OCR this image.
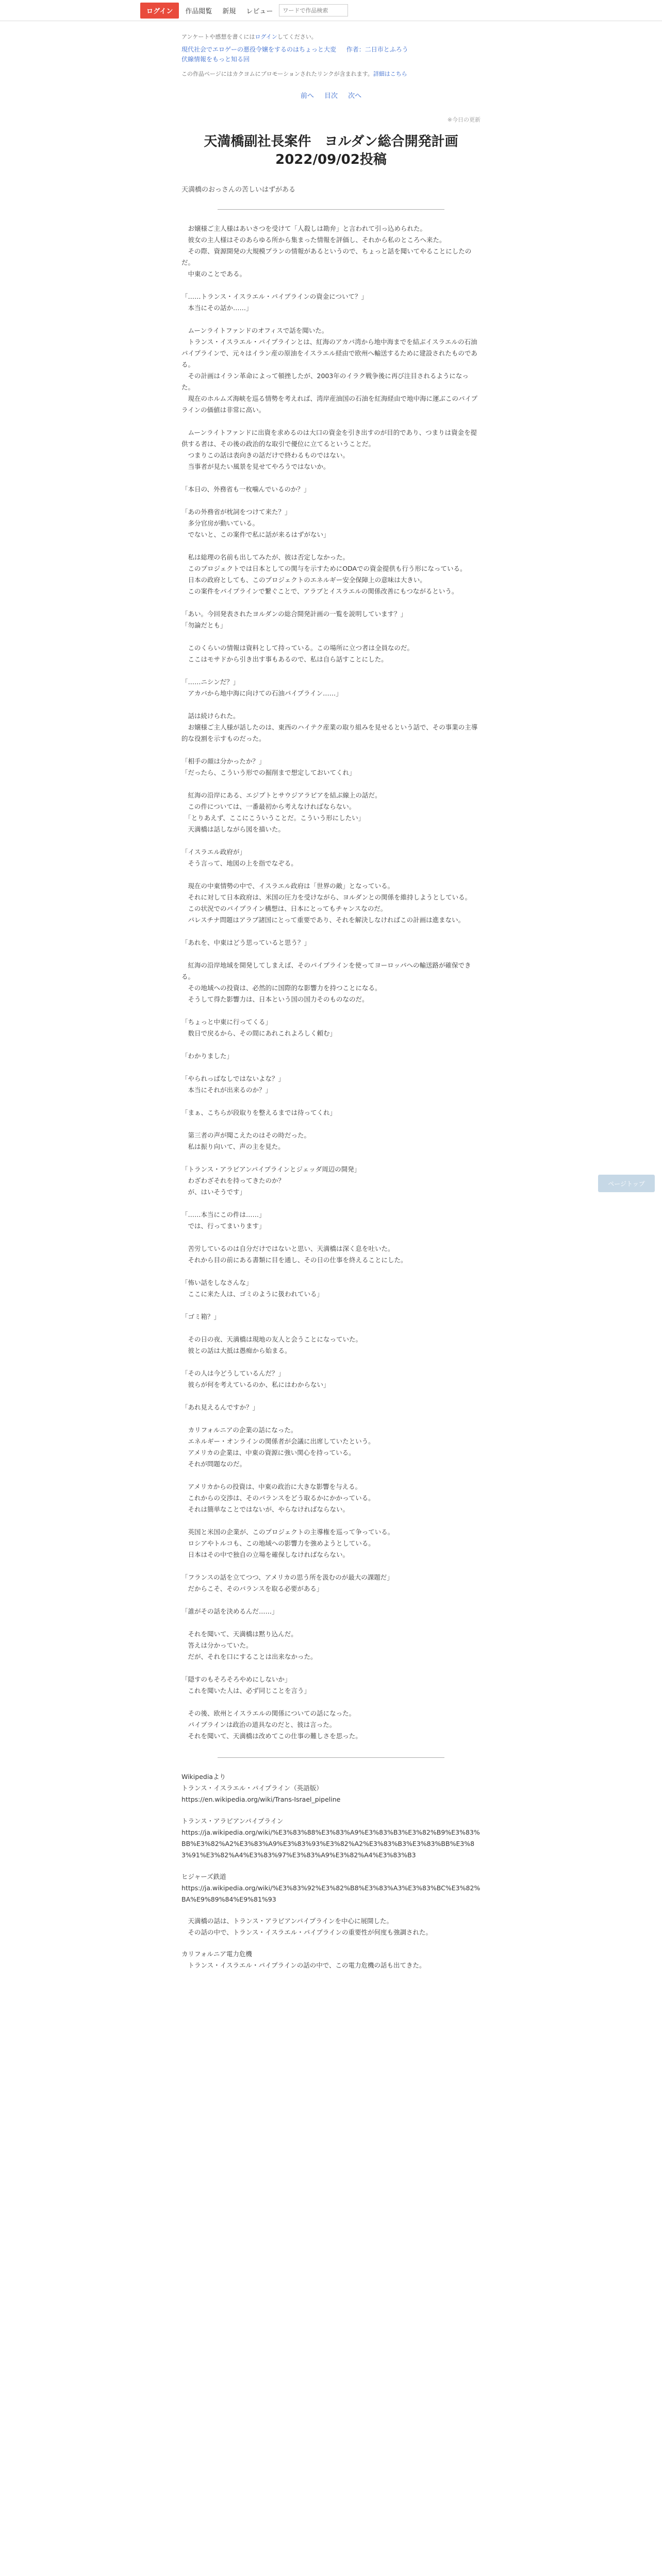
ログイン	作品閲覧	新規	レビュー
ワードで作品検索
アンケートや感想を書くにはログインしてください。
現代社会でエロゲーの悪役令嬢をするのはちょっと大変 　 作者：二日市とふろう
伏線情報をもっと知る回
この作品ページにはカクヨムにプロモーションされたリンクが含まれます。詳細はこちら
前へ 目次 次へ
※今日の更新
天満橋副社長案件　ヨルダン総合開発計画　2022/09/02投稿
天満橋のおっさんの苦しいはずがある

　お嬢様ご主人様はあいさつを受けて「人殺しは勘弁」と言われて引っ込められた。
　彼女の主人様はそのあらゆる所から集まった情報を評価し、それから私のところへ来た。
　その際、資源開発の大規模プランの情報があるというので、ちょっと話を聞いてやることにしたのだ。
　中東のことである。

「……トランス・イスラエル・パイプラインの資金について？」
　本当にその話か……」

　ムーンライトファンドのオフィスで話を聞いた。
　トランス・イスラエル・パイプラインとは、紅海のアカバ湾から地中海までを結ぶイスラエルの石油パイプラインで、元々はイラン産の原油をイスラエル経由で欧州へ輸送するために建設されたものである。
　その計画はイラン革命によって頓挫したが、2003年のイラク戦争後に再び注目されるようになった。
　現在のホルムズ海峡を巡る情勢を考えれば、湾岸産油国の石油を紅海経由で地中海に運ぶこのパイプラインの価値は非常に高い。

　ムーンライトファンドに出資を求めるのは大口の資金を引き出すのが目的であり、つまりは資金を提供する者は、その後の政治的な取引で優位に立てるということだ。
　つまりこの話は表向きの話だけで終わるものではない。
　当事者が見たい風景を見せてやろうではないか。

「本日の、外務省も一枚噛んでいるのか？」

「あの外務省が枕詞をつけて来た？」
　多分官房が動いている。
　でないと、この案件で私に話が来るはずがない」

　私は総理の名前も出してみたが、彼は否定しなかった。
　このプロジェクトでは日本としての関与を示すためにODAでの資金提供も行う形になっている。
　日本の政府としても、このプロジェクトのエネルギー安全保障上の意味は大きい。
　この案件をパイプラインで繋ぐことで、アラブとイスラエルの関係改善にもつながるという。

「あい。今回発表されたヨルダンの総合開発計画の一覧を説明しています？」
「勿論だとも」

　このくらいの情報は資料として持っている。この場所に立つ者は全員なのだ。
　ここはモサドから引き出す事もあるので、私は自ら話すことにした。

「……ニシンだ？」
　アカバから地中海に向けての石油パイプライン……」

　話は続けられた。
　お嬢様ご主人様が話したのは、東西のハイテク産業の取り組みを見せるという話で、その事業の主導的な役割を示すものだった。

「相手の顔は分かったか？」
「だったら、こういう形での掘削まで想定しておいてくれ」

　紅海の沿岸にある、エジプトとサウジアラビアを結ぶ線上の話だ。
　この件については、一番最初から考えなければならない。
　「とりあえず、ここにこういうことだ。こういう形にしたい」
　天満橋は話しながら図を描いた。

「イスラエル政府が」
　そう言って、地図の上を指でなぞる。

　現在の中東情勢の中で、イスラエル政府は「世界の敵」となっている。
　それに対して日本政府は、米国の圧力を受けながら、ヨルダンとの関係を維持しようとしている。
　この状況でのパイプライン構想は、日本にとってもチャンスなのだ。
　パレスチナ問題はアラブ諸国にとって重要であり、それを解決しなければこの計画は進まない。

「あれを、中東はどう思っていると思う？」

　紅海の沿岸地域を開発してしまえば、そのパイプラインを使ってヨーロッパへの輸送路が確保できる。
　その地域への投資は、必然的に国際的な影響力を持つことになる。
　そうして得た影響力は、日本という国の国力そのものなのだ。

「ちょっと中東に行ってくる」
　数日で戻るから、その間にあれこれよろしく頼む」

「わかりました」

「やられっぱなしではないよな？」
　本当にそれが出来るのか？」

「まぁ、こちらが段取りを整えるまでは待ってくれ」

　第三者の声が聞こえたのはその時だった。
　私は振り向いて、声の主を見た。

「トランス・アラビアンパイプラインとジェッダ周辺の開発」
　わざわざそれを持ってきたのか？
　が、はいそうです」

「……本当にこの件は……」
　では、行ってまいります」

　苦労しているのは自分だけではないと思い、天満橋は深く息を吐いた。
　それから目の前にある書類に目を通し、その日の仕事を終えることにした。

「怖い話をしなさんな」
　ここに来た人は、ゴミのように扱われている」

「ゴミ箱？」

　その日の夜、天満橋は現地の友人と会うことになっていた。
　彼との話は大抵は愚痴から始まる。

「その人は今どうしているんだ？」
　彼らが何を考えているのか、私にはわからない」

「あれ見えるんですか？」

　カリフォルニアの企業の話になった。
　エネルギー・オンラインの関係者が会議に出席していたという。
　アメリカの企業は、中東の資源に強い関心を持っている。
　それが問題なのだ。

　アメリカからの投資は、中東の政治に大きな影響を与える。
　これからの交渉は、そのバランスをどう取るかにかかっている。
　それは簡単なことではないが、やらなければならない。

　英国と米国の企業が、このプロジェクトの主導権を巡って争っている。
　ロシアやトルコも、この地域への影響力を強めようとしている。
　日本はその中で独自の立場を確保しなければならない。

「フランスの話を立てつつ、アメリカの思う所を汲むのが最大の課題だ」
　だからこそ、そのバランスを取る必要がある」

「誰がその話を決めるんだ……」

　それを聞いて、天満橋は黙り込んだ。
　答えは分かっていた。
　だが、それを口にすることは出来なかった。

「隠すのもそろそろやめにしないか」
　これを聞いた人は、必ず同じことを言う」

　その後、欧州とイスラエルの関係についての話になった。
　パイプラインは政治の道具なのだと、彼は言った。
　それを聞いて、天満橋は改めてこの仕事の難しさを思った。

Wikipediaより
トランス・イスラエル・パイプライン（英語版）
https://en.wikipedia.org/wiki/Trans-Israel_pipeline

トランス・アラビアンパイプライン
https://ja.wikipedia.org/wiki/%E3%83%88%E3%83%A9%E3%83%B3%E3%82%B9%E3%83%BB%E3%82%A2%E3%83%A9%E3%83%93%E3%82%A2%E3%83%B3%E3%83%BB%E3%83%91%E3%82%A4%E3%83%97%E3%83%A9%E3%82%A4%E3%83%B3

ヒジャーズ鉄道
https://ja.wikipedia.org/wiki/%E3%83%92%E3%82%B8%E3%83%A3%E3%83%BC%E3%82%BA%E9%89%84%E9%81%93

　天満橋の話は、トランス・アラビアンパイプラインを中心に展開した。
　その話の中で、トランス・イスラエル・パイプラインの重要性が何度も強調された。

カリフォルニア電力危機
　トランス・イスラエル・パイプラインの話の中で、この電力危機の話も出てきた。

ページトップ
